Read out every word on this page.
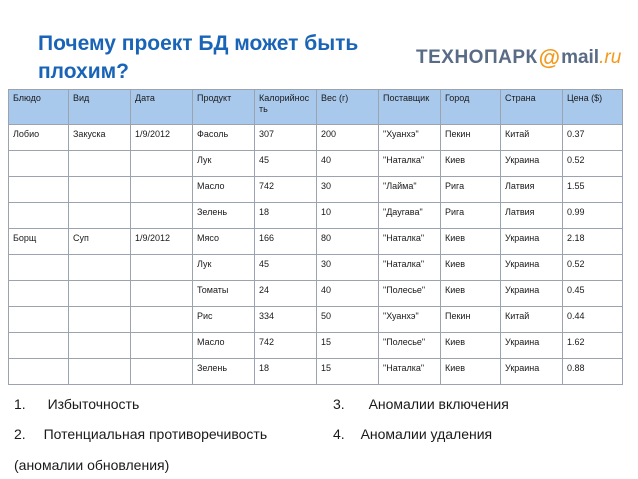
Почему проект БД может быть
плохим?
ТЕХНОПАРК @ mail .ru
Блюдо	Вид	Дата	Продукт	Калорийнос ть	Вес (г)	Поставщик	Город	Страна	Цена ($)
Лобио	Закуска	1/9/2012	Фасоль	307	200	"Хуанхэ"	Пекин	Китай	0.37
			Лук	45	40	"Наталка"	Киев	Украина	0.52
			Масло	742	30	"Лайма"	Рига	Латвия	1.55
			Зелень	18	10	"Даугава"	Рига	Латвия	0.99
Борщ	Суп	1/9/2012	Мясо	166	80	"Наталка"	Киев	Украина	2.18
			Лук	45	30	"Наталка"	Киев	Украина	0.52
			Томаты	24	40	"Полесье"	Киев	Украина	0.45
			Рис	334	50	"Хуанхэ"	Пекин	Китай	0.44
			Масло	742	15	"Полесье"	Киев	Украина	1.62
			Зелень	18	15	"Наталка"	Киев	Украина	0.88
1. Избыточность
2. Потенциальная противоречивость
(аномалии обновления)
3. Аномалии включения
4. Аномалии удаления
